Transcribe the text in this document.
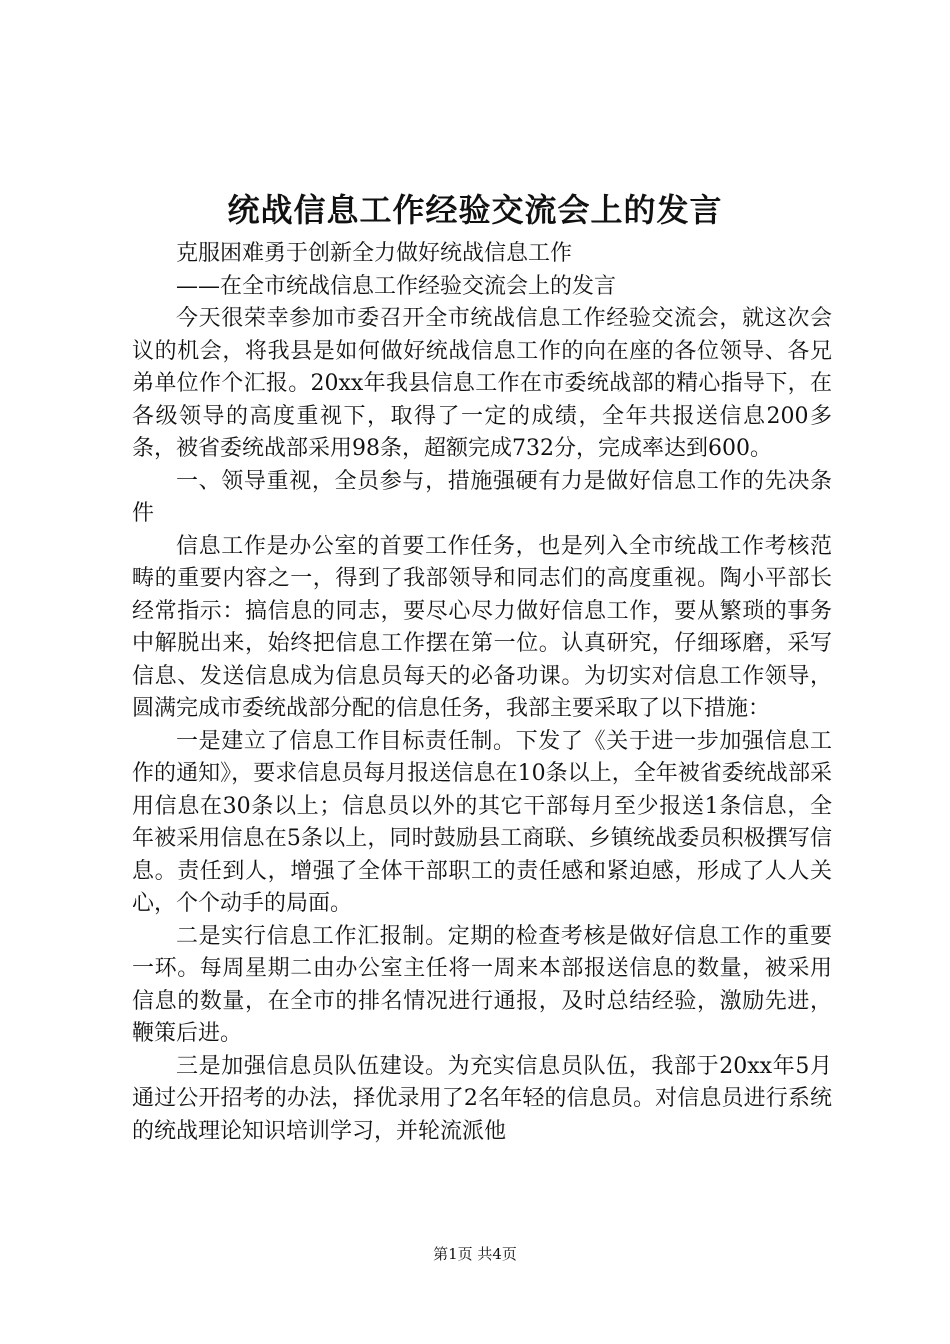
统战信息工作经验交流会上的发言

克服困难勇于创新全力做好统战信息工作

——在全市统战信息工作经验交流会上的发言

今天很荣幸参加市委召开全市统战信息工作经验交流会，就这次会议的机会，将我县是如何做好统战信息工作的向在座的各位领导、各兄弟单位作个汇报。20xx年我县信息工作在市委统战部的精心指导下，在各级领导的高度重视下，取得了一定的成绩，全年共报送信息200多条，被省委统战部采用98条，超额完成732分，完成率达到600。

一、领导重视，全员参与，措施强硬有力是做好信息工作的先决条件

信息工作是办公室的首要工作任务，也是列入全市统战工作考核范畴的重要内容之一，得到了我部领导和同志们的高度重视。陶小平部长经常指示：搞信息的同志，要尽心尽力做好信息工作，要从繁琐的事务中解脱出来，始终把信息工作摆在第一位。认真研究，仔细琢磨，采写信息、发送信息成为信息员每天的必备功课。为切实对信息工作领导，圆满完成市委统战部分配的信息任务，我部主要采取了以下措施：

一是建立了信息工作目标责任制。下发了《关于进一步加强信息工作的通知》，要求信息员每月报送信息在10条以上，全年被省委统战部采用信息在30条以上；信息员以外的其它干部每月至少报送1条信息，全年被采用信息在5条以上，同时鼓励县工商联、乡镇统战委员积极撰写信息。责任到人，增强了全体干部职工的责任感和紧迫感，形成了人人关心，个个动手的局面。

二是实行信息工作汇报制。定期的检查考核是做好信息工作的重要一环。每周星期二由办公室主任将一周来本部报送信息的数量，被采用信息的数量，在全市的排名情况进行通报，及时总结经验，激励先进，鞭策后进。

三是加强信息员队伍建设。为充实信息员队伍，我部于20xx年5月通过公开招考的办法，择优录用了2名年轻的信息员。对信息员进行系统的统战理论知识培训学习，并轮流派他

第1页 共4页
